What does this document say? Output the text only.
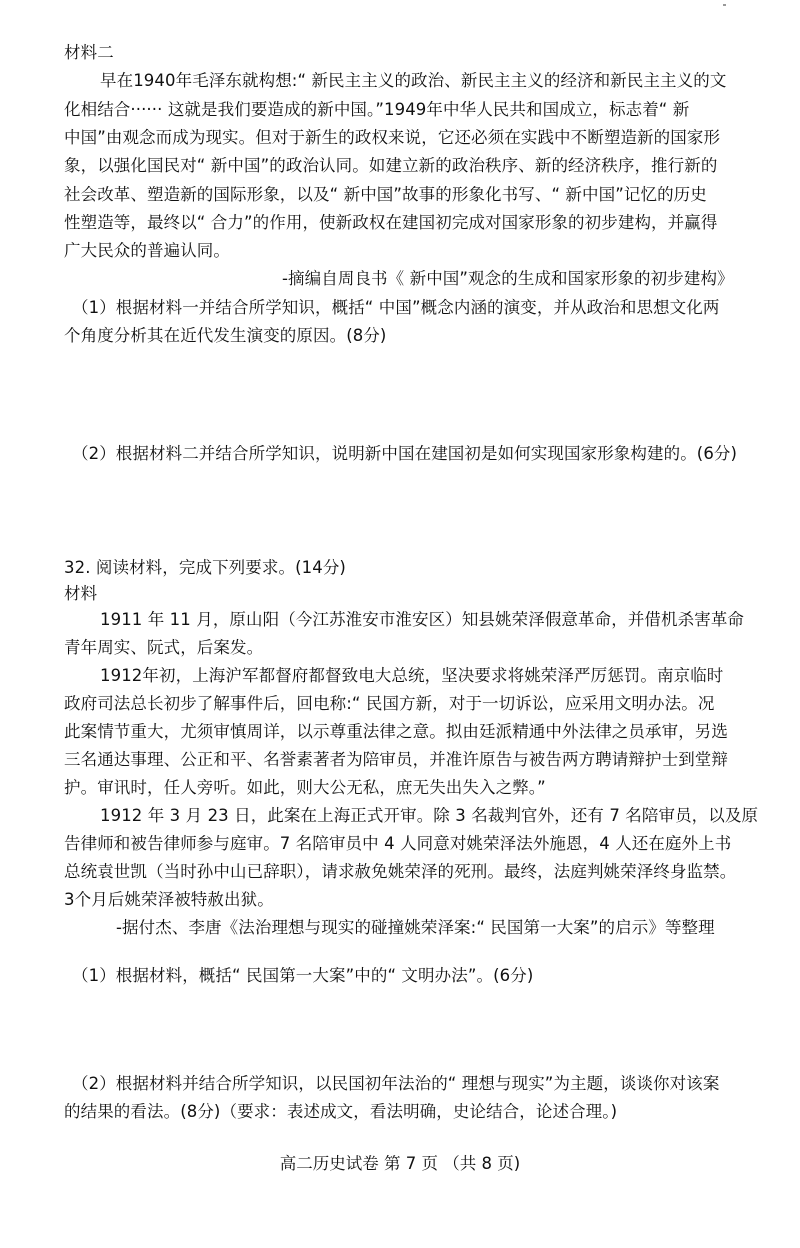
材料二
早在1940年毛泽东就构想:“ 新民主主义的政治、新民主主义的经济和新民主主义的文
化相结合······ 这就是我们要造成的新中国。”1949年中华人民共和国成立，标志着“ 新
中国”由观念而成为现实。但对于新生的政权来说，它还必须在实践中不断塑造新的国家形
象，以强化国民对“ 新中国”的政治认同。如建立新的政治秩序、新的经济秩序，推行新的
社会改革、塑造新的国际形象，以及“ 新中国”故事的形象化书写、“ 新中国”记忆的历史
性塑造等，最终以“ 合力”的作用，使新政权在建国初完成对国家形象的初步建构，并赢得
广大民众的普遍认同。
-摘编自周良书《 新中国”观念的生成和国家形象的初步建构》
（1）根据材料一并结合所学知识，概括“ 中国”概念内涵的演变，并从政治和思想文化两
个角度分析其在近代发生演变的原因。(8分)
（2）根据材料二并结合所学知识，说明新中国在建国初是如何实现国家形象构建的。(6分)
32. 阅读材料，完成下列要求。(14分)
材料
1911 年 11 月，原山阳（今江苏淮安市淮安区）知县姚荣泽假意革命，并借机杀害革命
青年周实、阮式，后案发。
1912年初，上海沪军都督府都督致电大总统，坚决要求将姚荣泽严厉惩罚。南京临时
政府司法总长初步了解事件后，回电称:“ 民国方新，对于一切诉讼，应采用文明办法。况
此案情节重大，尤须审慎周详，以示尊重法律之意。拟由廷派精通中外法律之员承审，另选
三名通达事理、公正和平、名誉素著者为陪审员，并准许原告与被告两方聘请辩护士到堂辩
护。审讯时，任人旁听。如此，则大公无私，庶无失出失入之弊。”
1912 年 3 月 23 日，此案在上海正式开审。除 3 名裁判官外，还有 7 名陪审员，以及原
告律师和被告律师参与庭审。7 名陪审员中 4 人同意对姚荣泽法外施恩，4 人还在庭外上书
总统袁世凯（当时孙中山已辞职），请求赦免姚荣泽的死刑。最终，法庭判姚荣泽终身监禁。
3个月后姚荣泽被特赦出狱。
-据付杰、李唐《法治理想与现实的碰撞姚荣泽案:“ 民国第一大案”的启示》等整理
（1）根据材料，概括“ 民国第一大案”中的“ 文明办法”。(6分)
（2）根据材料并结合所学知识，以民国初年法治的“ 理想与现实”为主题，谈谈你对该案
的结果的看法。(8分)（要求：表述成文，看法明确，史论结合，论述合理。)
高二历史试卷 第 7 页 （共 8 页)
